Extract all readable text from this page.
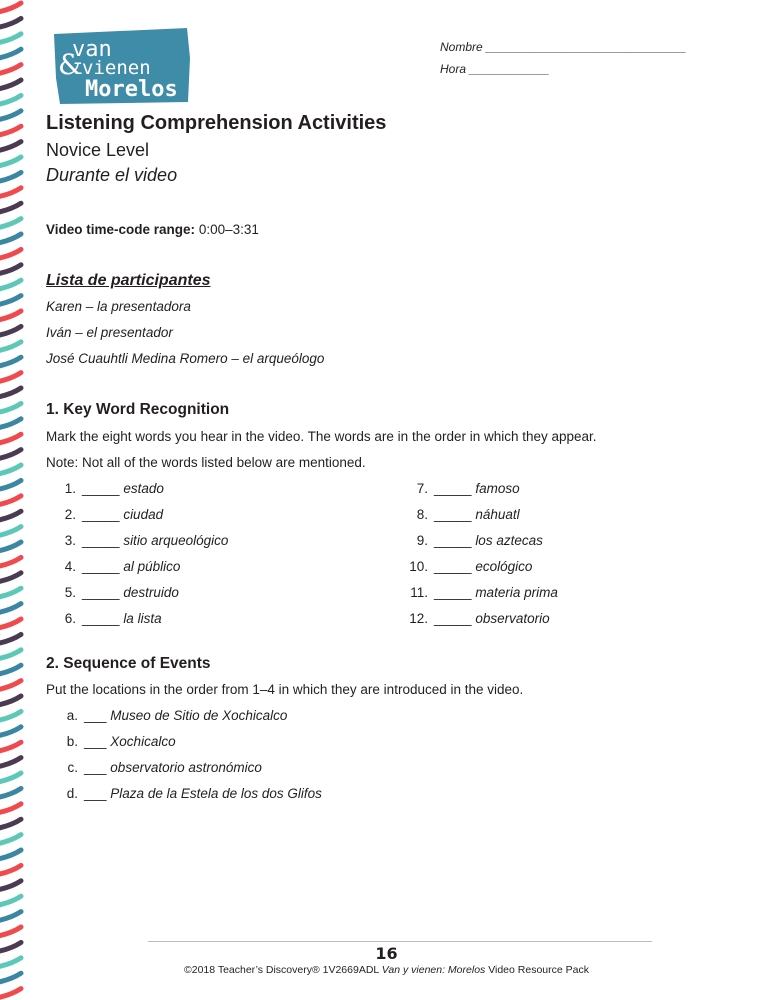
van
& vienen
Morelos
Nombre ______________________________
Hora ____________
Listening Comprehension Activities
Novice Level
Durante el video
Video time-code range: 0:00–3:31
Lista de participantes
Karen – la presentadora
Iván – el presentador
José Cuauhtli Medina Romero – el arqueólogo
1. Key Word Recognition
Mark the eight words you hear in the video. The words are in the order in which they appear.
Note: Not all of the words listed below are mentioned.
1. _____ estado
2. _____ ciudad
3. _____ sitio arqueológico
4. _____ al público
5. _____ destruido
6. _____ la lista
7. _____ famoso
8. _____ náhuatl
9. _____ los aztecas
10. _____ ecológico
11. _____ materia prima
12. _____ observatorio
2. Sequence of Events
Put the locations in the order from 1–4 in which they are introduced in the video.
a. ___ Museo de Sitio de Xochicalco
b. ___ Xochicalco
c. ___ observatorio astronómico
d. ___ Plaza de la Estela de los dos Glifos
16
©2018 Teacher’s Discovery® 1V2669ADL Van y vienen: Morelos Video Resource Pack
